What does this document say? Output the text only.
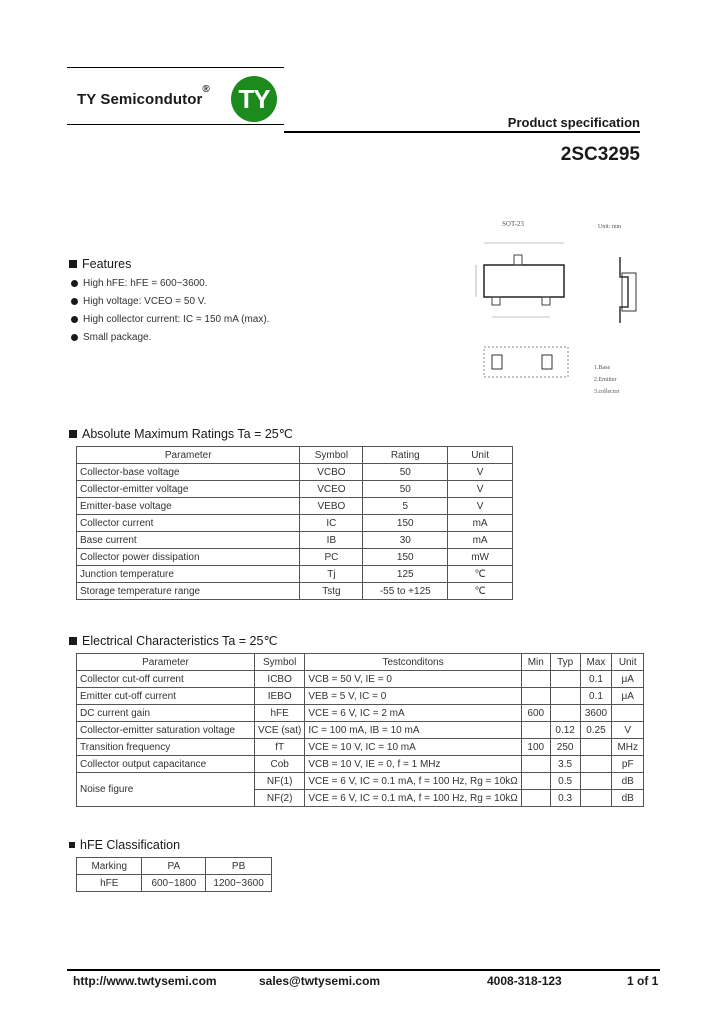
TY Semicondutor® TY
Product specification
2SC3295
SOT-23	Unit: mm
1.Base
2.Emitter
3.collector
Features
High hFE: hFE = 600~3600.
High voltage: VCEO = 50 V.
High collector current: IC = 150 mA (max).
Small package.
Absolute Maximum Ratings Ta = 25℃
Parameter	Symbol	Rating	Unit
Collector-base voltage	VCBO	50	V
Collector-emitter voltage	VCEO	50	V
Emitter-base voltage	VEBO	5	V
Collector current	IC	150	mA
Base current	IB	30	mA
Collector power dissipation	PC	150	mW
Junction temperature	Tj	125	℃
Storage temperature range	Tstg	-55 to +125	℃
Electrical Characteristics Ta = 25℃
Parameter	Symbol	Testconditons	Min	Typ	Max	Unit
Collector cut-off current	ICBO	VCB = 50 V, IE = 0			0.1	μA
Emitter cut-off current	IEBO	VEB = 5 V, IC = 0			0.1	μA
DC current gain	hFE	VCE = 6 V, IC = 2 mA	600		3600	
Collector-emitter saturation voltage	VCE (sat)	IC = 100 mA, IB = 10 mA		0.12	0.25	V
Transition frequency	fT	VCE = 10 V, IC = 10 mA	100	250		MHz
Collector output capacitance	Cob	VCB = 10 V, IE = 0, f = 1 MHz		3.5		pF
Noise figure	NF(1)	VCE = 6 V, IC = 0.1 mA, f = 100 Hz, Rg = 10kΩ		0.5		dB
	NF(2)	VCE = 6 V, IC = 0.1 mA, f = 100 Hz, Rg = 10kΩ		0.3		dB
hFE Classification
Marking	PA	PB
hFE	600~1800	1200~3600
http://www.twtysemi.com	sales@twtysemi.com	4008-318-123	1 of 1
